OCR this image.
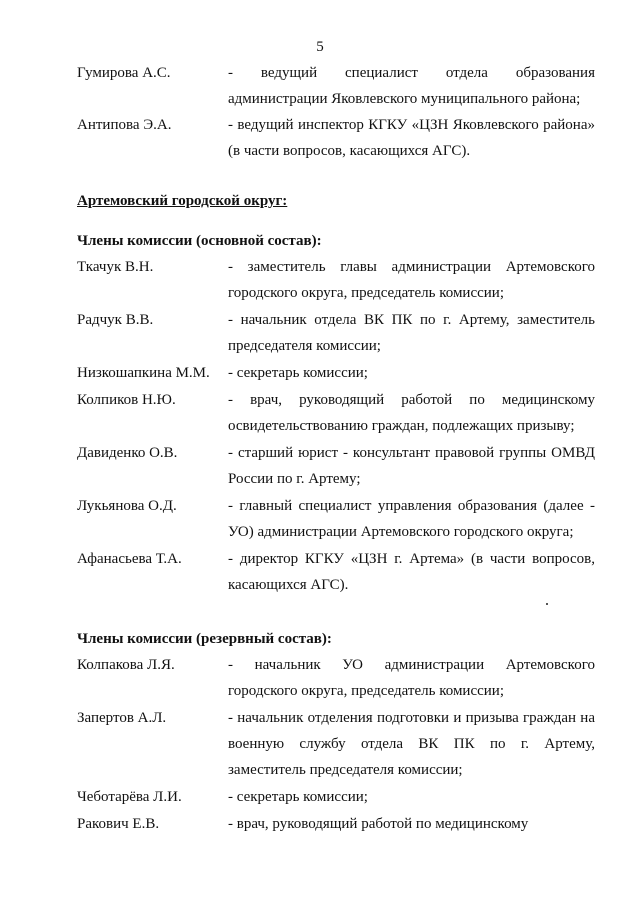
5
Гумирова А.С.	- ведущий специалист отдела образования администрации Яковлевского муниципального района;
Антипова Э.А.	- ведущий инспектор КГКУ «ЦЗН Яковлевского района» (в части вопросов, касающихся АГС).
Артемовский городской округ:
Члены комиссии (основной состав):
Ткачук В.Н.	- заместитель главы администрации Артемовского городского округа, председатель комиссии;
Радчук В.В.	- начальник отдела ВК ПК по г. Артему, заместитель председателя комиссии;
Низкошапкина М.М.	- секретарь комиссии;
Колпиков Н.Ю.	- врач, руководящий работой по медицинскому освидетельствованию граждан, подлежащих призыву;
Давиденко О.В.	- старший юрист - консультант правовой группы ОМВД России по г. Артему;
Лукьянова О.Д.	- главный специалист управления образования (далее - УО) администрации Артемовского городского округа;
Афанасьева Т.А.	- директор КГКУ «ЦЗН г. Артема» (в части вопросов, касающихся АГС).
Члены комиссии (резервный состав):
Колпакова Л.Я.	- начальник УО администрации Артемовского городского округа, председатель комиссии;
Запертов А.Л.	- начальник отделения подготовки и призыва граждан на военную службу отдела ВК ПК по г. Артему, заместитель председателя комиссии;
Чеботарёва Л.И.	- секретарь комиссии;
Ракович Е.В.	- врач, руководящий работой по медицинскому
